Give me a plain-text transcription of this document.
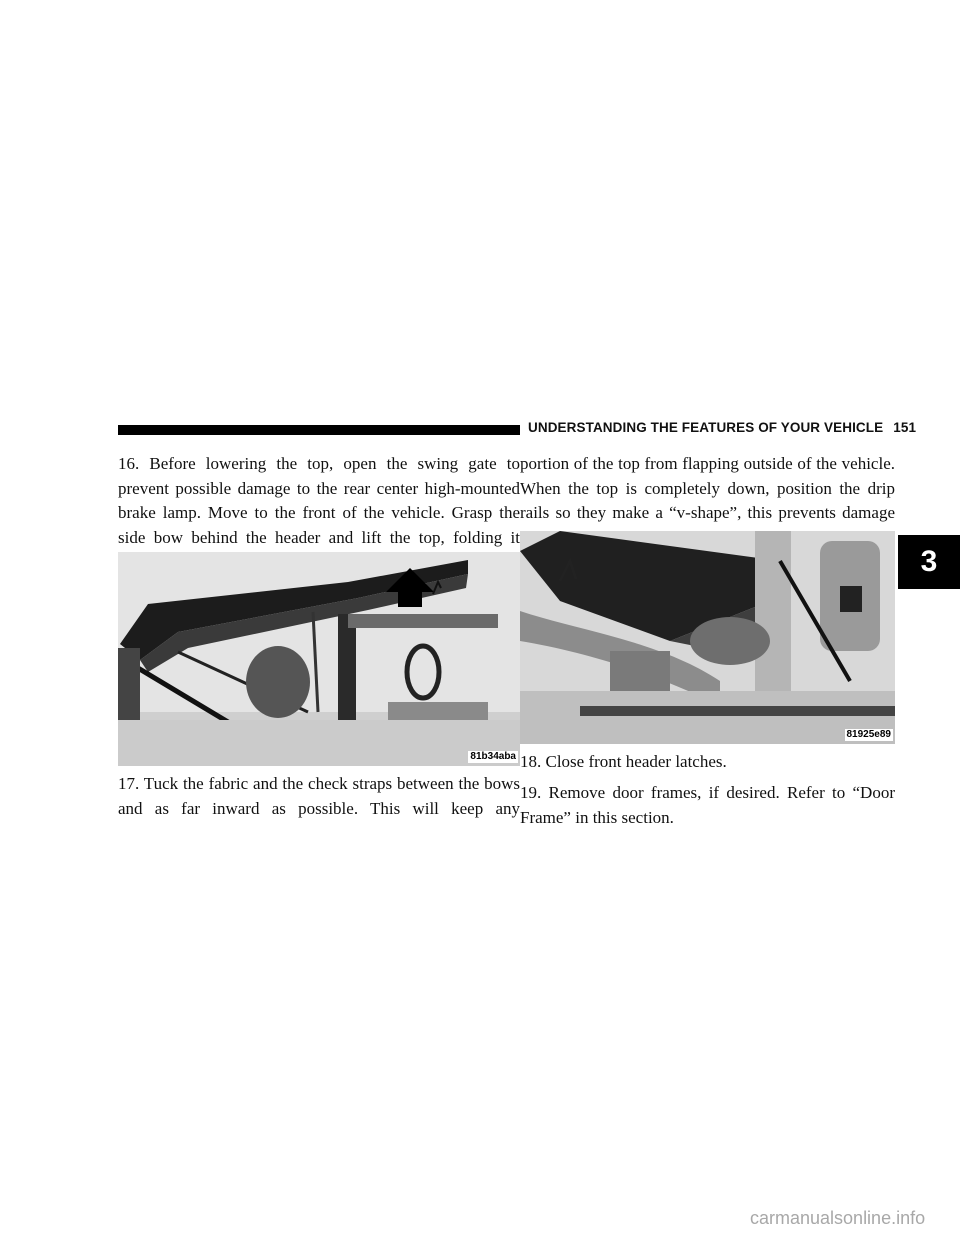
UNDERSTANDING THE FEATURES OF YOUR VEHICLE 151
3

16. Before lowering the top, open the swing gate to prevent possible damage to the rear center high-mounted brake lamp. Move to the front of the vehicle. Grasp the side bow behind the header and lift the top, folding it

81b34aba

17. Tuck the fabric and the check straps between the bows and as far inward as possible. This will keep any

portion of the top from flapping outside of the vehicle. When the top is completely down, position the drip rails so they make a “v-shape”, this prevents damage

81925e89

18. Close front header latches.

19. Remove door frames, if desired. Refer to “Door Frame” in this section.

carmanualsonline.info
